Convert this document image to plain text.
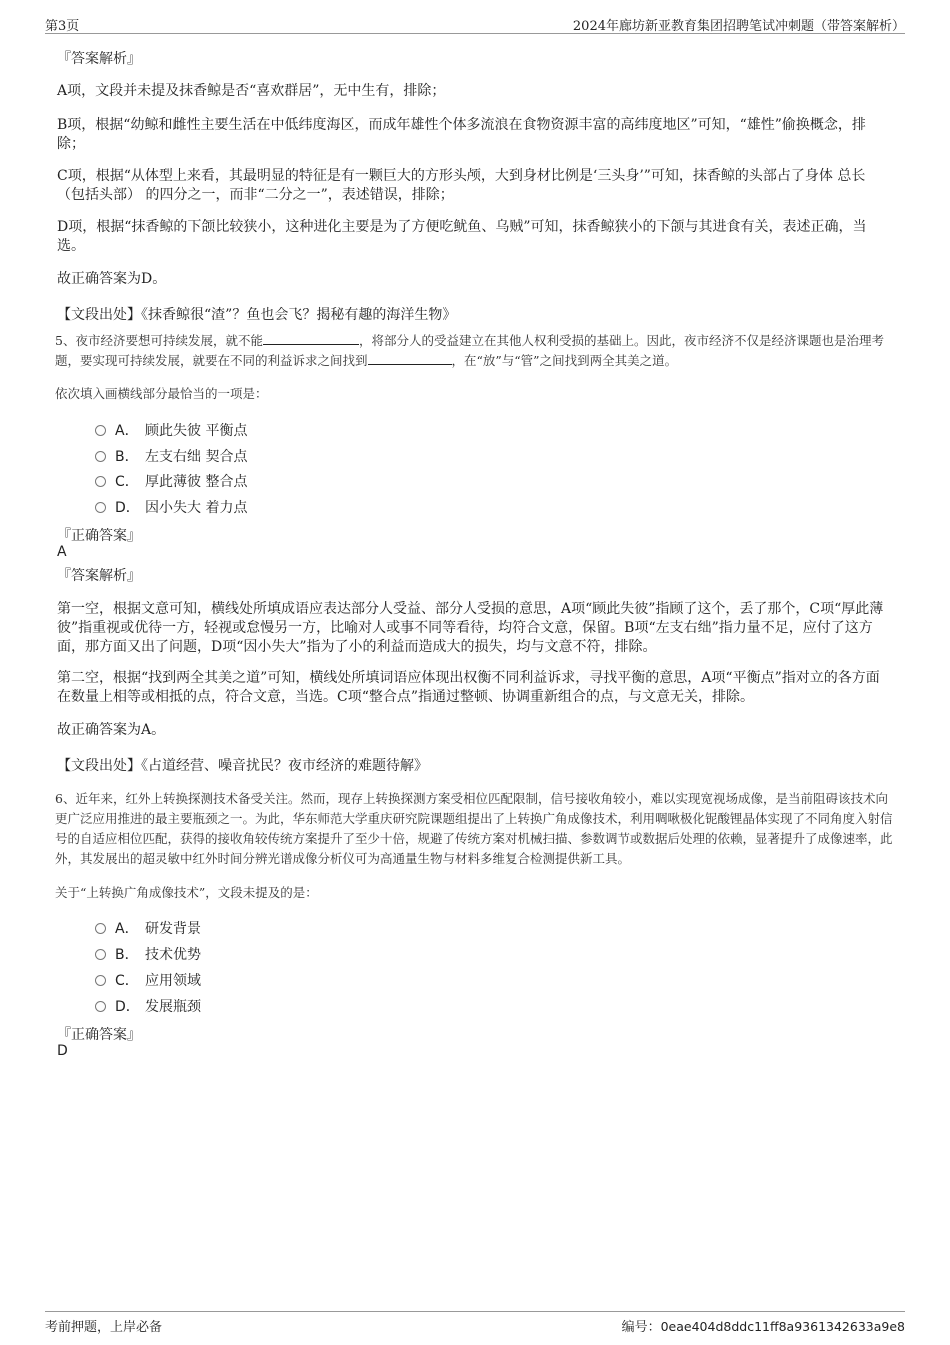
第3页	2024年廊坊新亚教育集团招聘笔试冲刺题（带答案解析）
『答案解析』
A项，文段并未提及抹香鲸是否“喜欢群居”，无中生有，排除；
B项，根据“幼鲸和雌性主要生活在中低纬度海区，而成年雄性个体多流浪在食物资源丰富的高纬度地区”可知，“雄性”偷换概念，排除；
C项，根据“从体型上来看，其最明显的特征是有一颗巨大的方形头颅，大到身材比例是‘三头身’”可知，抹香鲸的头部占了身体 总长（包括头部） 的四分之一，而非“二分之一”，表述错误，排除；
D项，根据“抹香鲸的下颌比较狭小，这种进化主要是为了方便吃鱿鱼、乌贼”可知，抹香鲸狭小的下颌与其进食有关，表述正确，当选。
故正确答案为D。
【文段出处】《抹香鲸很“渣”？鱼也会飞？揭秘有趣的海洋生物》
5、夜市经济要想可持续发展，就不能	，将部分人的受益建立在其他人权利受损的基础上。因此，夜市经济不仅是经济课题也是治理考题，要实现可持续发展，就要在不同的利益诉求之间找到	，在“放”与“管”之间找到两全其美之道。
依次填入画横线部分最恰当的一项是：
A． 顾此失彼 平衡点
B． 左支右绌 契合点
C． 厚此薄彼 整合点
D． 因小失大 着力点
『正确答案』
A
『答案解析』
第一空，根据文意可知，横线处所填成语应表达部分人受益、部分人受损的意思，A项“顾此失彼”指顾了这个，丢了那个，C项“厚此薄彼”指重视或优待一方，轻视或怠慢另一方，比喻对人或事不同等看待，均符合文意，保留。B项“左支右绌”指力量不足，应付了这方面，那方面又出了问题，D项“因小失大”指为了小的利益而造成大的损失，均与文意不符，排除。
第二空，根据“找到两全其美之道”可知，横线处所填词语应体现出权衡不同利益诉求，寻找平衡的意思，A项“平衡点”指对立的各方面在数量上相等或相抵的点，符合文意，当选。C项“整合点”指通过整顿、协调重新组合的点，与文意无关，排除。
故正确答案为A。
【文段出处】《占道经营、噪音扰民？夜市经济的难题待解》
6、近年来，红外上转换探测技术备受关注。然而，现存上转换探测方案受相位匹配限制，信号接收角较小，难以实现宽视场成像，是当前阻碍该技术向更广泛应用推进的最主要瓶颈之一。为此，华东师范大学重庆研究院课题组提出了上转换广角成像技术，利用啁啾极化铌酸锂晶体实现了不同角度入射信号的自适应相位匹配，获得的接收角较传统方案提升了至少十倍，规避了传统方案对机械扫描、参数调节或数据后处理的依赖，显著提升了成像速率，此外，其发展出的超灵敏中红外时间分辨光谱成像分析仪可为高通量生物与材料多维复合检测提供新工具。
关于“上转换广角成像技术”，文段未提及的是：
A． 研发背景
B． 技术优势
C． 应用领域
D． 发展瓶颈
『正确答案』
D
考前押题，上岸必备	编号：0eae404d8ddc11ff8a9361342633a9e8
